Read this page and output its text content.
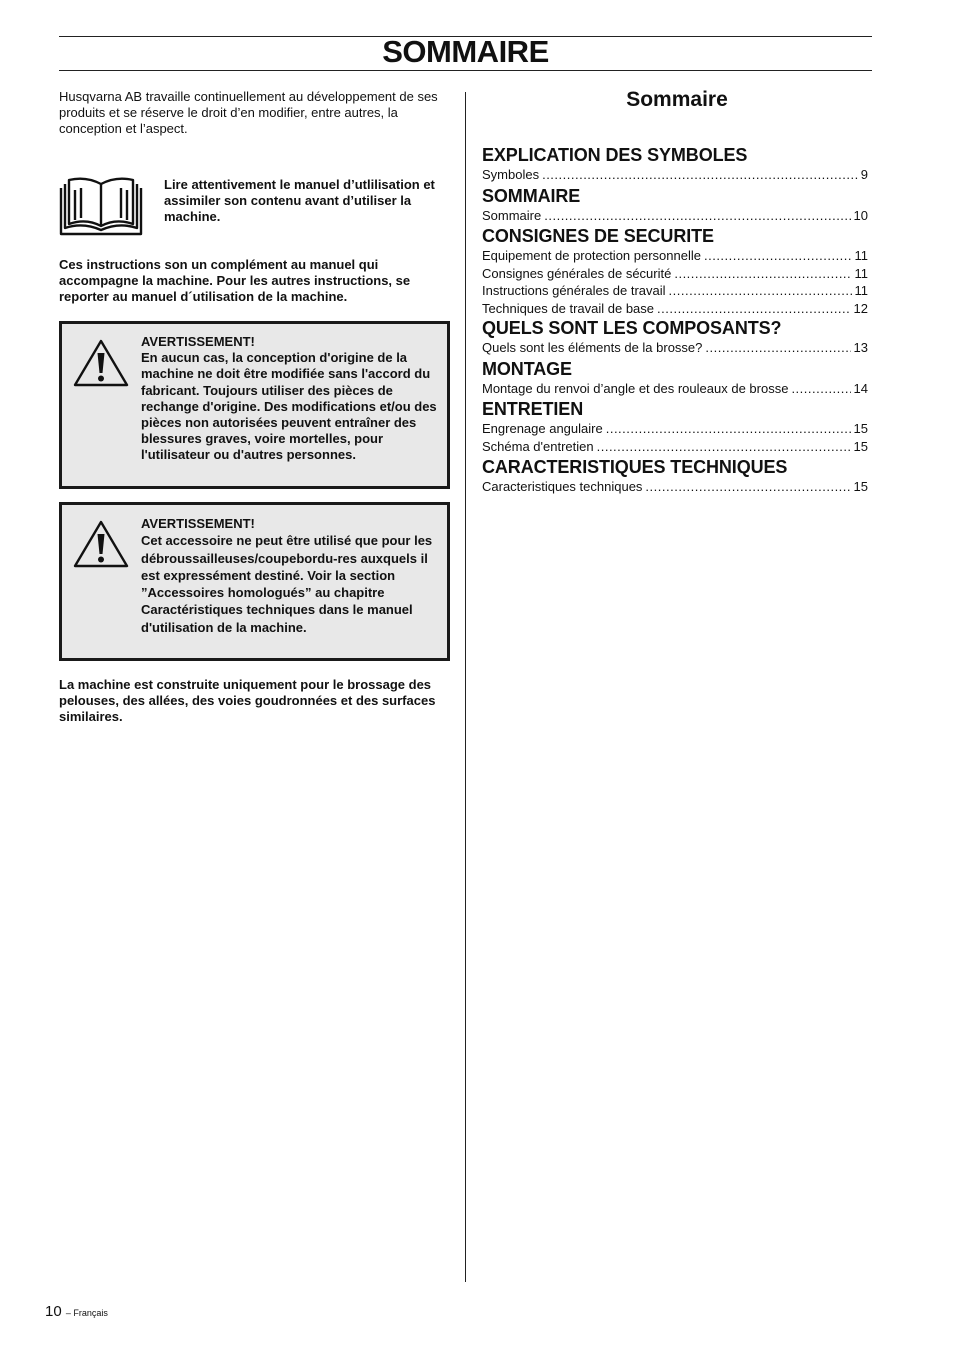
SOMMAIRE

Husqvarna AB travaille continuellement au développement de ses produits et se réserve le droit d’en modifier, entre autres, la conception et l’aspect.

Lire attentivement le manuel d’utlilisation et assimiler son contenu avant d’utiliser la machine.

Ces instructions son un complément au manuel qui accompagne la machine. Pour les autres instructions, se reporter au manuel d´utilisation de la machine.

AVERTISSEMENT!
En aucun cas, la conception d'origine de la machine ne doit être modifiée sans l'accord du fabricant. Toujours utiliser des pièces de rechange d'origine. Des modifications et/ou des pièces non autorisées peuvent entraîner des blessures graves, voire mortelles, pour l'utilisateur ou d'autres personnes.
AVERTISSEMENT!
Cet accessoire ne peut être utilisé que pour les débroussailleuses/coupebordu-res auxquels il est expressément destiné. Voir la section ”Accessoires homologués” au chapitre Caractéristiques techniques dans le manuel d'utilisation de la machine.

La machine est construite uniquement pour le brossage des pelouses, des allées, des voies goudronnées et des surfaces similaires.

Sommaire
EXPLICATION DES SYMBOLES
Symboles .....	9
SOMMAIRE
Sommaire .....	10
CONSIGNES DE SECURITE
Equipement de protection personnelle .....	11
Consignes générales de sécurité .....	11
Instructions générales de travail .....	11
Techniques de travail de base .....	12
QUELS SONT LES COMPOSANTS?
Quels sont les éléments de la brosse? .....	13
MONTAGE
Montage du renvoi d’angle et des rouleaux de brosse .....	14
ENTRETIEN
Engrenage angulaire .....	15
Schéma d'entretien .....	15
CARACTERISTIQUES TECHNIQUES
Caracteristiques techniques .....	15
10 – Français
